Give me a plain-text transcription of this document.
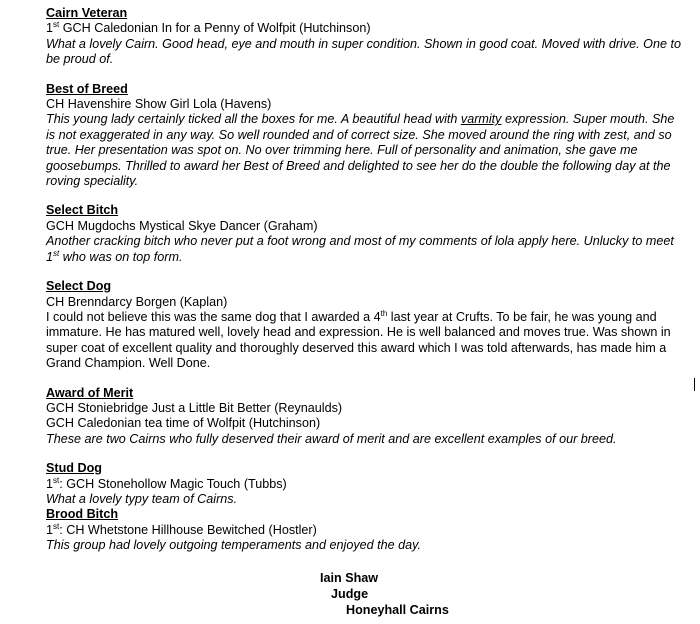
Cairn Veteran
1st GCH Caledonian In for a Penny of Wolfpit (Hutchinson)

What a lovely Cairn. Good head, eye and mouth in super condition. Shown in good coat. Moved with drive. One to be proud of.

Best of Breed
CH Havenshire Show Girl Lola (Havens)

This young lady certainly ticked all the boxes for me. A beautiful head with varmity expression. Super mouth. She is not exaggerated in any way. So well rounded and of correct size. She moved around the ring with zest, and so true. Her presentation was spot on. No over trimming here. Full of personality and animation, she gave me goosebumps. Thrilled to award her Best of Breed and delighted to see her do the double the following day at the roving speciality.

Select Bitch
GCH Mugdochs Mystical Skye Dancer (Graham)

Another cracking bitch who never put a foot wrong and most of my comments of lola apply here. Unlucky to meet 1st who was on top form.

Select Dog
CH Brenndarcy Borgen (Kaplan)

I could not believe this was the same dog that I awarded a 4th last year at Crufts. To be fair, he was young and immature. He has matured well, lovely head and expression. He is well balanced and moves true. Was shown in super coat of excellent quality and thoroughly deserved this award which I was told afterwards, has made him a Grand Champion. Well Done.

Award of Merit
GCH Stoniebridge Just a Little Bit Better (Reynaulds)
GCH Caledonian tea time of Wolfpit (Hutchinson)

These are two Cairns who fully deserved their award of merit and are excellent examples of our breed.

Stud Dog
1st: GCH Stonehollow Magic Touch (Tubbs)

What a lovely typy team of Cairns.

Brood Bitch
1st: CH Whetstone Hillhouse Bewitched (Hostler)

This group had lovely outgoing temperaments and enjoyed the day.

Iain Shaw
Judge
Honeyhall Cairns
